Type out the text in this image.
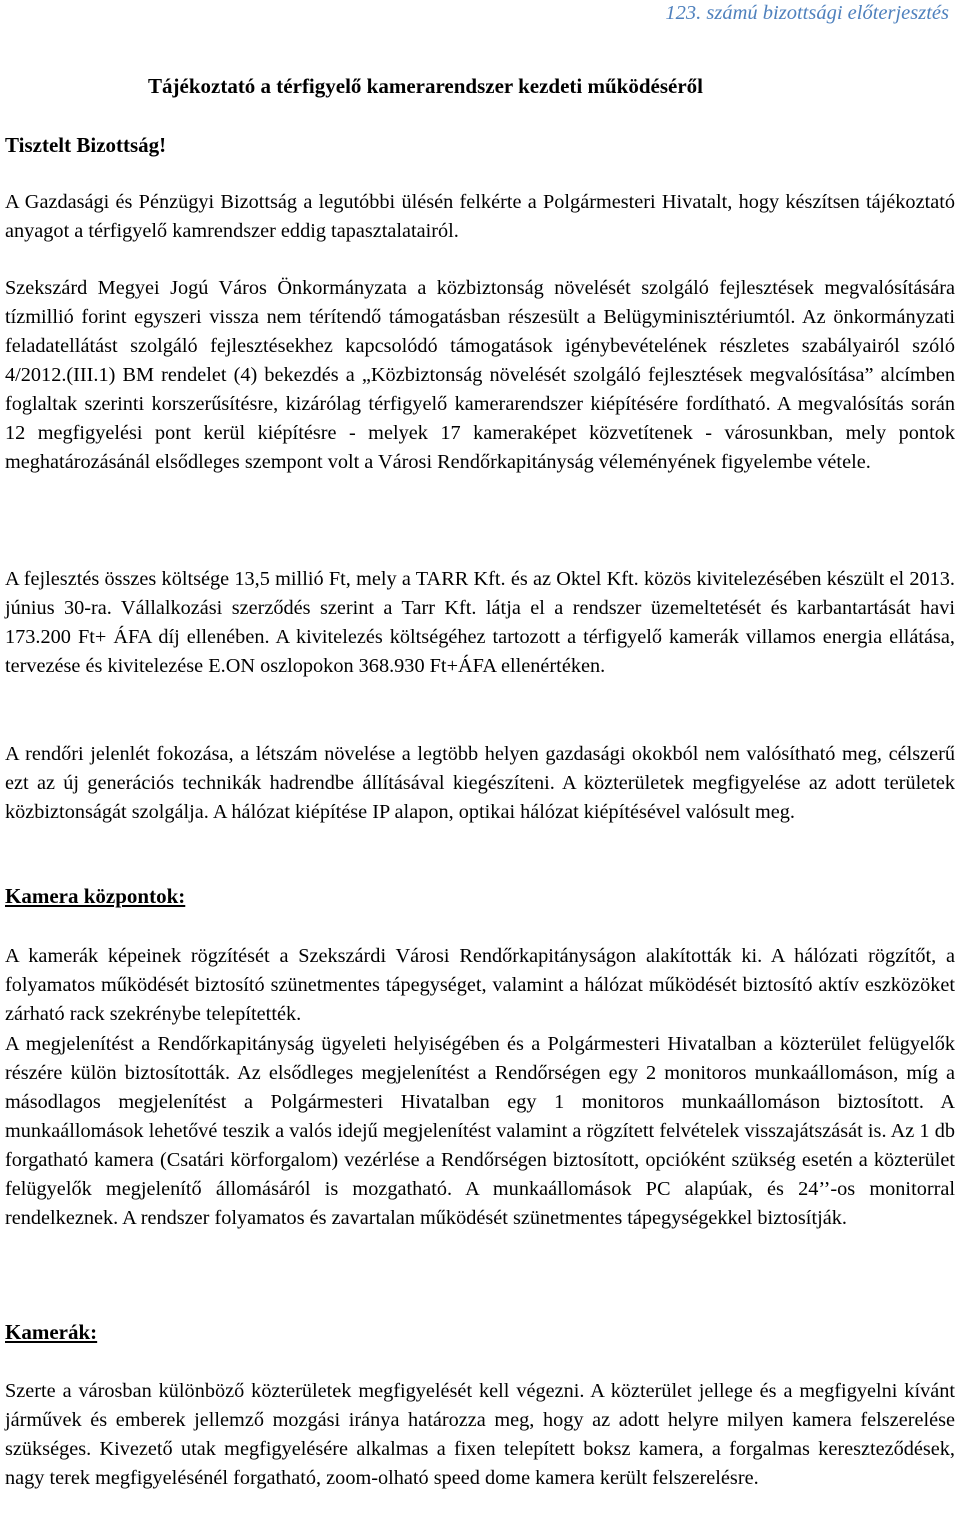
123. számú bizottsági előterjesztés
Tájékoztató a térfigyelő kamerarendszer kezdeti működéséről
Tisztelt Bizottság!

A Gazdasági és Pénzügyi Bizottság a legutóbbi ülésén felkérte a Polgármesteri Hivatalt, hogy készítsen tájékoztató anyagot a térfigyelő kamrendszer eddig tapasztalatairól.

Szekszárd Megyei Jogú Város Önkormányzata a közbiztonság növelését szolgáló fejlesztések megvalósítására tízmillió forint egyszeri vissza nem térítendő támogatásban részesült a Belügyminisztériumtól. Az önkormányzati feladatellátást szolgáló fejlesztésekhez kapcsolódó támogatások igénybevételének részletes szabályairól szóló 4/2012.(III.1) BM rendelet (4) bekezdés a „Közbiztonság növelését szolgáló fejlesztések megvalósítása” alcímben foglaltak szerinti korszerűsítésre, kizárólag térfigyelő kamerarendszer kiépítésére fordítható. A megvalósítás során 12 megfigyelési pont kerül kiépítésre - melyek 17 kameraképet közvetítenek - városunkban, mely pontok meghatározásánál elsődleges szempont volt a Városi Rendőrkapitányság véleményének figyelembe vétele.

A fejlesztés összes költsége 13,5 millió Ft, mely a TARR Kft. és az Oktel Kft. közös kivitelezésében készült el 2013. június 30-ra. Vállalkozási szerződés szerint a Tarr Kft. látja el a rendszer üzemeltetését és karbantartását havi 173.200 Ft+ ÁFA díj ellenében. A kivitelezés költségéhez tartozott a térfigyelő kamerák villamos energia ellátása, tervezése és kivitelezése E.ON oszlopokon 368.930 Ft+ÁFA ellenértéken.

A rendőri jelenlét fokozása, a létszám növelése a legtöbb helyen gazdasági okokból nem valósítható meg, célszerű ezt az új generációs technikák hadrendbe állításával kiegészíteni. A közterületek megfigyelése az adott területek közbiztonságát szolgálja. A hálózat kiépítése IP alapon, optikai hálózat kiépítésével valósult meg.

Kamera központok:

A kamerák képeinek rögzítését a Szekszárdi Városi Rendőrkapitányságon alakították ki. A hálózati rögzítőt, a folyamatos működését biztosító szünetmentes tápegységet, valamint a hálózat működését biztosító aktív eszközöket zárható rack szekrénybe telepítették.

A megjelenítést a Rendőrkapitányság ügyeleti helyiségében és a Polgármesteri Hivatalban a közterület felügyelők részére külön biztosították. Az elsődleges megjelenítést a Rendőrségen egy 2 monitoros munkaállomáson, míg a másodlagos megjelenítést a Polgármesteri Hivatalban egy 1 monitoros munkaállomáson biztosított. A munkaállomások lehetővé teszik a valós idejű megjelenítést valamint a rögzített felvételek visszajátszását is. Az 1 db forgatható kamera (Csatári körforgalom) vezérlése a Rendőrségen biztosított, opcióként szükség esetén a közterület felügyelők megjelenítő állomásáról is mozgatható. A munkaállomások PC alapúak, és 24’’-os monitorral rendelkeznek. A rendszer folyamatos és zavartalan működését szünetmentes tápegységekkel biztosítják.

Kamerák:

Szerte a városban különböző közterületek megfigyelését kell végezni. A közterület jellege és a megfigyelni kívánt járművek és emberek jellemző mozgási iránya határozza meg, hogy az adott helyre milyen kamera felszerelése szükséges. Kivezető utak megfigyelésére alkalmas a fixen telepített boksz kamera, a forgalmas kereszteződések, nagy terek megfigyelésénél forgatható, zoom-olható speed dome kamera került felszerelésre.
